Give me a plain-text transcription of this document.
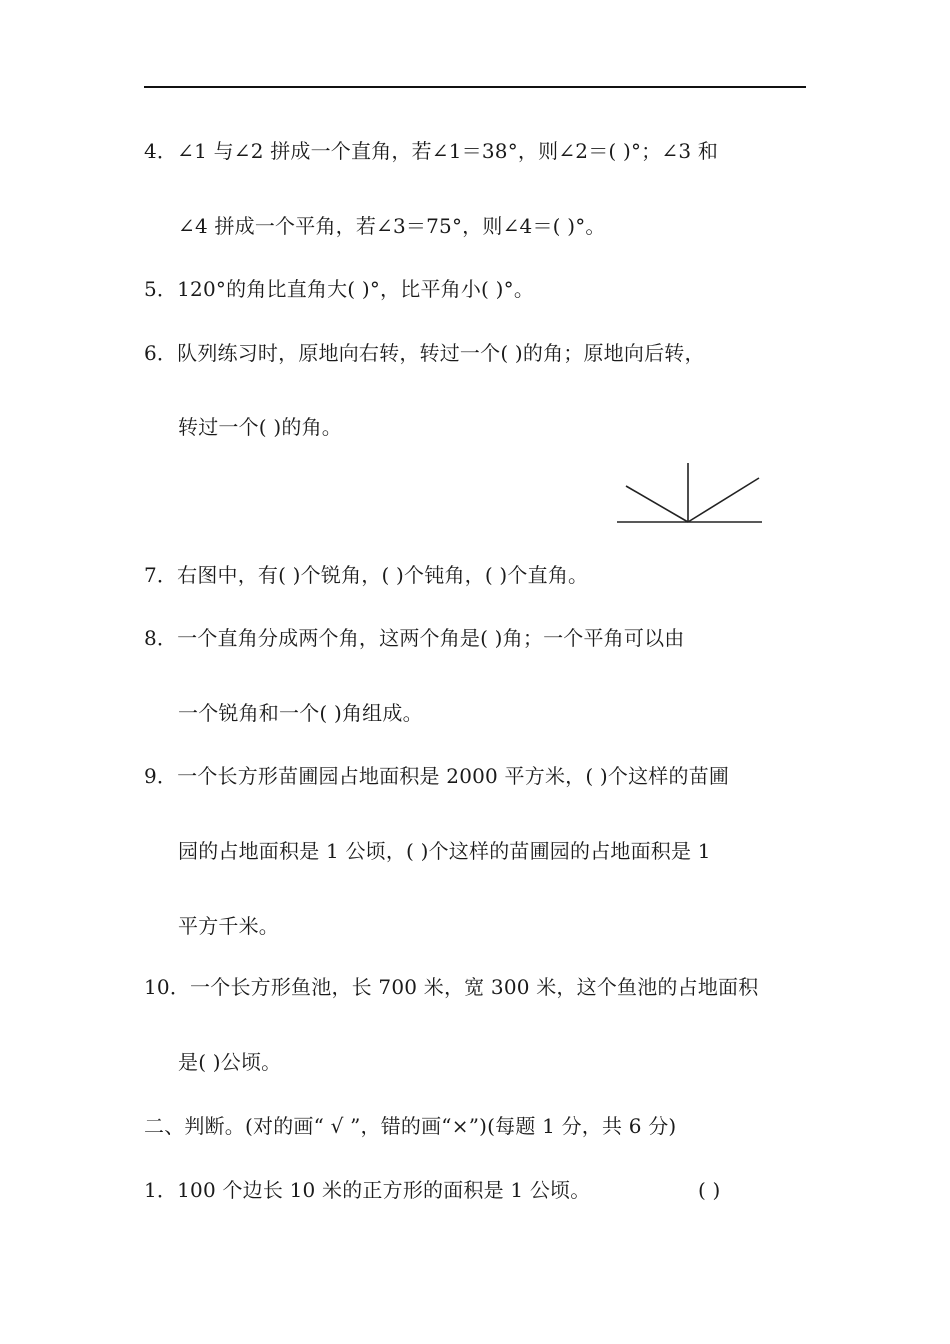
4．∠1 与∠2 拼成一个直角，若∠1＝38°，则∠2＝( )°；∠3 和
∠4 拼成一个平角，若∠3＝75°，则∠4＝( )°。
5．120°的角比直角大( )°，比平角小( )°。
6．队列练习时，原地向右转，转过一个( )的角；原地向后转，
转过一个( )的角。
7．右图中，有( )个锐角，( )个钝角，( )个直角。
8．一个直角分成两个角，这两个角是( )角；一个平角可以由
一个锐角和一个( )角组成。
9．一个长方形苗圃园占地面积是 2000 平方米，( )个这样的苗圃
园的占地面积是 1 公顷，( )个这样的苗圃园的占地面积是 1
平方千米。
10．一个长方形鱼池，长 700 米，宽 300 米，这个鱼池的占地面积
是( )公顷。
二、判断。(对的画“ √ ”，错的画“×”)(每题 1 分，共 6 分)
1．100 个边长 10 米的正方形的面积是 1 公顷。	( )
